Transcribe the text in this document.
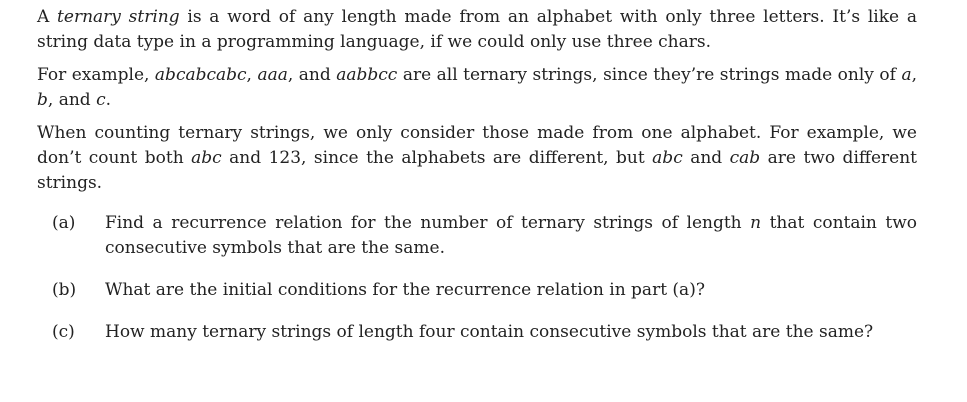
A ternary string is a word of any length made from an alphabet with only three letters. It’s like a string data type in a programming language, if we could only use three chars.

For example, abcabcabc, aaa, and aabbcc are all ternary strings, since they’re strings made only of a, b, and c.

When counting ternary strings, we only consider those made from one alphabet. For example, we don’t count both abc and 123, since the alphabets are different, but abc and cab are two different strings.

(a) Find a recurrence relation for the number of ternary strings of length n that contain two consecutive symbols that are the same.
(b) What are the initial conditions for the recurrence relation in part (a)?
(c) How many ternary strings of length four contain consecutive symbols that are the same?
